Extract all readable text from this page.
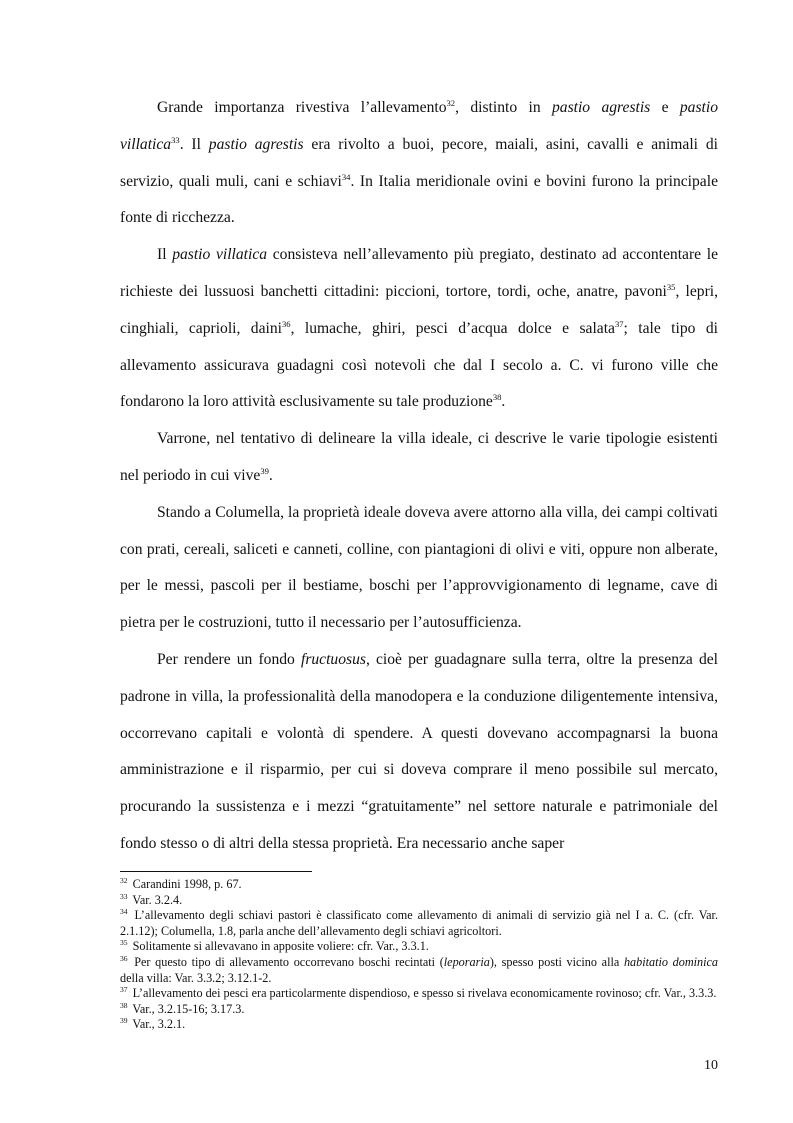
Grande importanza rivestiva l’allevamento$^{32}$, distinto in pastio agrestis e pastio villatica$^{33}$. Il pastio agrestis era rivolto a buoi, pecore, maiali, asini, cavalli e animali di servizio, quali muli, cani e schiavi$^{34}$. In Italia meridionale ovini e bovini furono la principale fonte di ricchezza.

Il pastio villatica consisteva nell’allevamento più pregiato, destinato ad accontentare le richieste dei lussuosi banchetti cittadini: piccioni, tortore, tordi, oche, anatre, pavoni$^{35}$, lepri, cinghiali, caprioli, daini$^{36}$, lumache, ghiri, pesci d’acqua dolce e salata$^{37}$; tale tipo di allevamento assicurava guadagni così notevoli che dal I secolo a. C. vi furono ville che fondarono la loro attività esclusivamente su tale produzione$^{38}$.

Varrone, nel tentativo di delineare la villa ideale, ci descrive le varie tipologie esistenti nel periodo in cui vive$^{39}$.

Stando a Columella, la proprietà ideale doveva avere attorno alla villa, dei campi coltivati con prati, cereali, saliceti e canneti, colline, con piantagioni di olivi e viti, oppure non alberate, per le messi, pascoli per il bestiame, boschi per l’approvvigionamento di legname, cave di pietra per le costruzioni, tutto il necessario per l’autosufficienza.

Per rendere un fondo fructuosus, cioè per guadagnare sulla terra, oltre la presenza del padrone in villa, la professionalità della manodopera e la conduzione diligentemente intensiva, occorrevano capitali e volontà di spendere. A questi dovevano accompagnarsi la buona amministrazione e il risparmio, per cui si doveva comprare il meno possibile sul mercato, procurando la sussistenza e i mezzi “gratuitamente” nel settore naturale e patrimoniale del fondo stesso o di altri della stessa proprietà. Era necessario anche saper

$^{32}$ Carandini 1998, p. 67.

$^{33}$ Var. 3.2.4.

$^{34}$ L’allevamento degli schiavi pastori è classificato come allevamento di animali di servizio già nel I a. C. (cfr. Var. 2.1.12); Columella, 1.8, parla anche dell’allevamento degli schiavi agricoltori.

$^{35}$ Solitamente si allevavano in apposite voliere: cfr. Var., 3.3.1.

$^{36}$ Per questo tipo di allevamento occorrevano boschi recintati (leporaria), spesso posti vicino alla habitatio dominica della villa: Var. 3.3.2; 3.12.1-2.

$^{37}$ L’allevamento dei pesci era particolarmente dispendioso, e spesso si rivelava economicamente rovinoso; cfr. Var., 3.3.3.

$^{38}$ Var., 3.2.15-16; 3.17.3.

$^{39}$ Var., 3.2.1.

10
